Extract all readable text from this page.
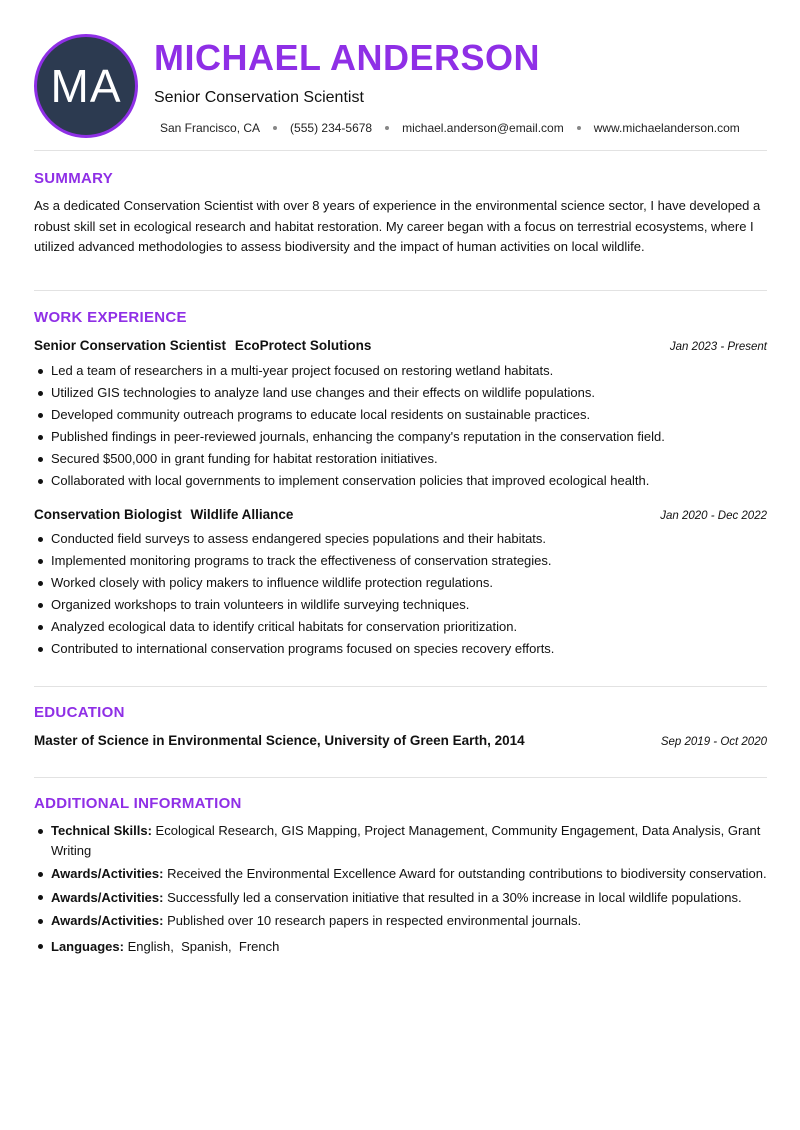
MA
MICHAEL ANDERSON
Senior Conservation Scientist
San Francisco, CA	(555) 234-5678	michael.anderson@email.com	www.michaelanderson.com
SUMMARY
As a dedicated Conservation Scientist with over 8 years of experience in the environmental science sector, I have developed a robust skill set in ecological research and habitat restoration. My career began with a focus on terrestrial ecosystems, where I utilized advanced methodologies to assess biodiversity and the impact of human activities on local wildlife.
WORK EXPERIENCE
Senior Conservation Scientist EcoProtect Solutions	Jan 2023 - Present
Led a team of researchers in a multi-year project focused on restoring wetland habitats.
Utilized GIS technologies to analyze land use changes and their effects on wildlife populations.
Developed community outreach programs to educate local residents on sustainable practices.
Published findings in peer-reviewed journals, enhancing the company's reputation in the conservation field.
Secured $500,000 in grant funding for habitat restoration initiatives.
Collaborated with local governments to implement conservation policies that improved ecological health.
Conservation Biologist Wildlife Alliance	Jan 2020 - Dec 2022
Conducted field surveys to assess endangered species populations and their habitats.
Implemented monitoring programs to track the effectiveness of conservation strategies.
Worked closely with policy makers to influence wildlife protection regulations.
Organized workshops to train volunteers in wildlife surveying techniques.
Analyzed ecological data to identify critical habitats for conservation prioritization.
Contributed to international conservation programs focused on species recovery efforts.
EDUCATION
Master of Science in Environmental Science, University of Green Earth, 2014	Sep 2019 - Oct 2020
ADDITIONAL INFORMATION
Technical Skills: Ecological Research, GIS Mapping, Project Management, Community Engagement, Data Analysis, Grant Writing
Awards/Activities: Received the Environmental Excellence Award for outstanding contributions to biodiversity conservation.
Awards/Activities: Successfully led a conservation initiative that resulted in a 30% increase in local wildlife populations.
Awards/Activities: Published over 10 research papers in respected environmental journals.
Languages: English,  Spanish,  French
